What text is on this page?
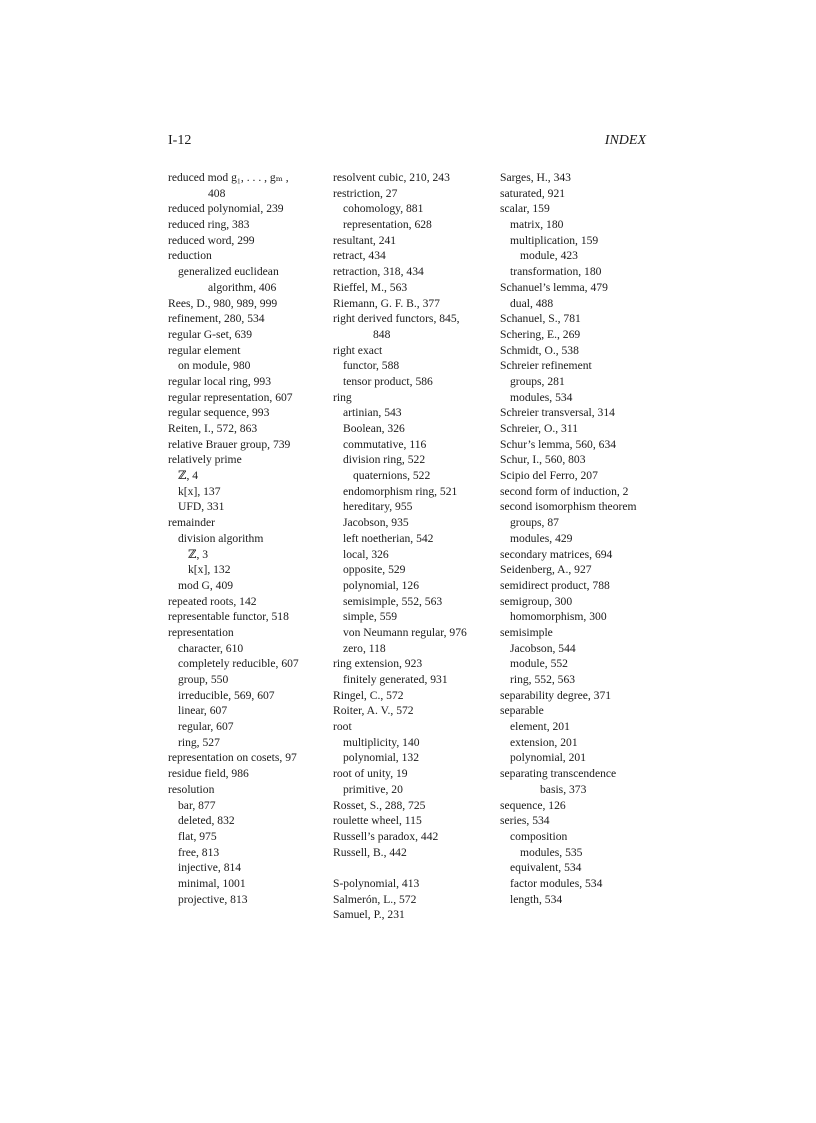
I-12	INDEX
reduced mod g₁, . . . , gₘ ,
408
reduced polynomial, 239
reduced ring, 383
reduced word, 299
reduction
generalized euclidean
algorithm, 406
Rees, D., 980, 989, 999
refinement, 280, 534
regular G-set, 639
regular element
on module, 980
regular local ring, 993
regular representation, 607
regular sequence, 993
Reiten, I., 572, 863
relative Brauer group, 739
relatively prime
ℤ, 4
k[x], 137
UFD, 331
remainder
division algorithm
ℤ, 3
k[x], 132
mod G, 409
repeated roots, 142
representable functor, 518
representation
character, 610
completely reducible, 607
group, 550
irreducible, 569, 607
linear, 607
regular, 607
ring, 527
representation on cosets, 97
residue field, 986
resolution
bar, 877
deleted, 832
flat, 975
free, 813
injective, 814
minimal, 1001
projective, 813
resolvent cubic, 210, 243
restriction, 27
cohomology, 881
representation, 628
resultant, 241
retract, 434
retraction, 318, 434
Rieffel, M., 563
Riemann, G. F. B., 377
right derived functors, 845,
848
right exact
functor, 588
tensor product, 586
ring
artinian, 543
Boolean, 326
commutative, 116
division ring, 522
quaternions, 522
endomorphism ring, 521
hereditary, 955
Jacobson, 935
left noetherian, 542
local, 326
opposite, 529
polynomial, 126
semisimple, 552, 563
simple, 559
von Neumann regular, 976
zero, 118
ring extension, 923
finitely generated, 931
Ringel, C., 572
Roiter, A. V., 572
root
multiplicity, 140
polynomial, 132
root of unity, 19
primitive, 20
Rosset, S., 288, 725
roulette wheel, 115
Russell’s paradox, 442
Russell, B., 442
S-polynomial, 413
Salmerón, L., 572
Samuel, P., 231
Sarges, H., 343
saturated, 921
scalar, 159
matrix, 180
multiplication, 159
module, 423
transformation, 180
Schanuel’s lemma, 479
dual, 488
Schanuel, S., 781
Schering, E., 269
Schmidt, O., 538
Schreier refinement
groups, 281
modules, 534
Schreier transversal, 314
Schreier, O., 311
Schur’s lemma, 560, 634
Schur, I., 560, 803
Scipio del Ferro, 207
second form of induction, 2
second isomorphism theorem
groups, 87
modules, 429
secondary matrices, 694
Seidenberg, A., 927
semidirect product, 788
semigroup, 300
homomorphism, 300
semisimple
Jacobson, 544
module, 552
ring, 552, 563
separability degree, 371
separable
element, 201
extension, 201
polynomial, 201
separating transcendence
basis, 373
sequence, 126
series, 534
composition
modules, 535
equivalent, 534
factor modules, 534
length, 534
